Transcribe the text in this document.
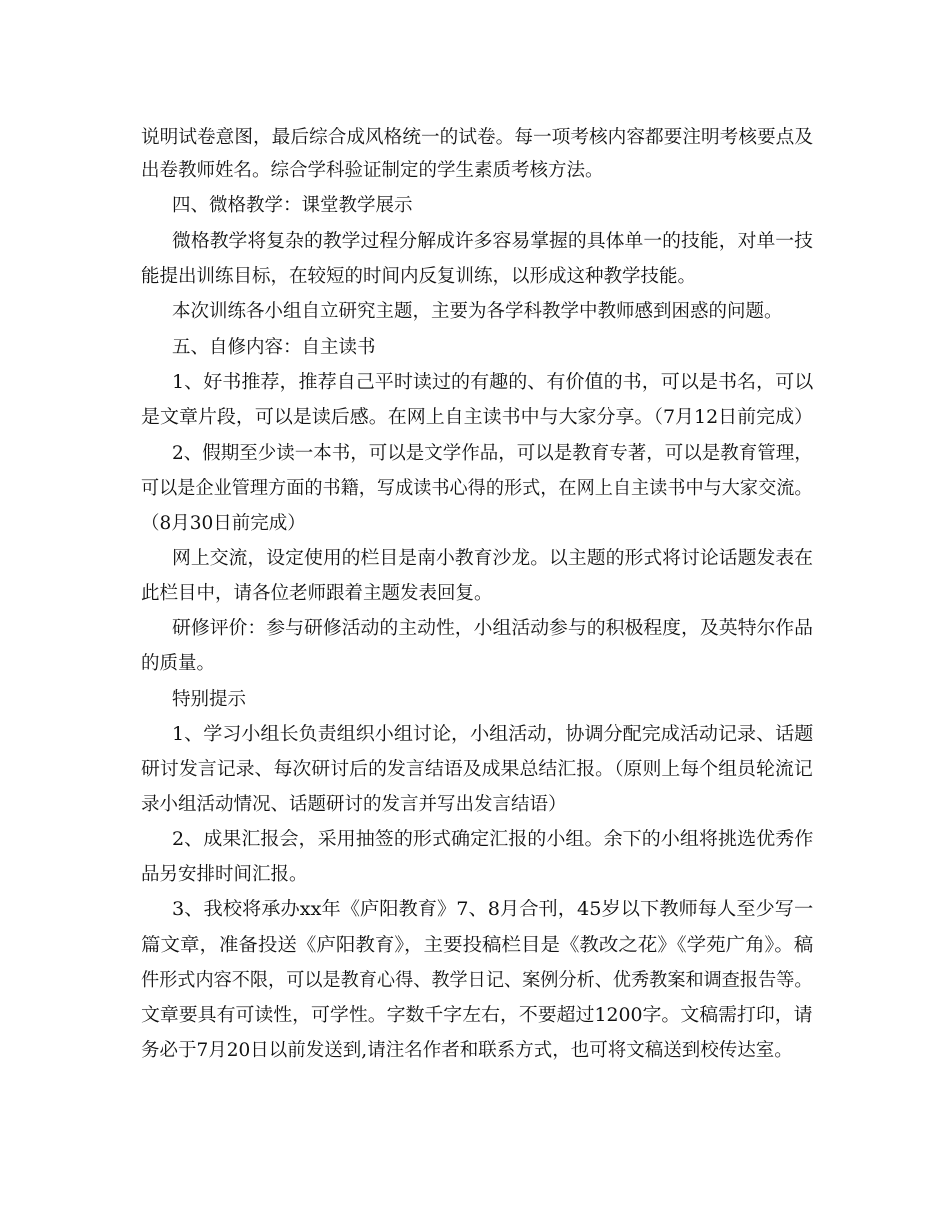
说明试卷意图，最后综合成风格统一的试卷。每一项考核内容都要注明考核要点及
出卷教师姓名。综合学科验证制定的学生素质考核方法。
四、微格教学：课堂教学展示
微格教学将复杂的教学过程分解成许多容易掌握的具体单一的技能，对单一技
能提出训练目标，在较短的时间内反复训练，以形成这种教学技能。
本次训练各小组自立研究主题，主要为各学科教学中教师感到困惑的问题。
五、自修内容：自主读书
1、好书推荐，推荐自己平时读过的有趣的、有价值的书，可以是书名，可以
是文章片段，可以是读后感。在网上自主读书中与大家分享。（7月12日前完成）
2、假期至少读一本书，可以是文学作品，可以是教育专著，可以是教育管理，
可以是企业管理方面的书籍，写成读书心得的形式，在网上自主读书中与大家交流。
（8月30日前完成）
网上交流，设定使用的栏目是南小教育沙龙。以主题的形式将讨论话题发表在
此栏目中，请各位老师跟着主题发表回复。
研修评价：参与研修活动的主动性，小组活动参与的积极程度，及英特尔作品
的质量。
特别提示
1、学习小组长负责组织小组讨论，小组活动，协调分配完成活动记录、话题
研讨发言记录、每次研讨后的发言结语及成果总结汇报。（原则上每个组员轮流记
录小组活动情况、话题研讨的发言并写出发言结语）
2、成果汇报会，采用抽签的形式确定汇报的小组。余下的小组将挑选优秀作
品另安排时间汇报。
3、我校将承办xx年《庐阳教育》7、8月合刊，45岁以下教师每人至少写一
篇文章，准备投送《庐阳教育》，主要投稿栏目是《教改之花》《学苑广角》。稿
件形式内容不限，可以是教育心得、教学日记、案例分析、优秀教案和调查报告等。
文章要具有可读性，可学性。字数千字左右，不要超过1200字。文稿需打印，请
务必于7月20日以前发送到,请注名作者和联系方式，也可将文稿送到校传达室。
